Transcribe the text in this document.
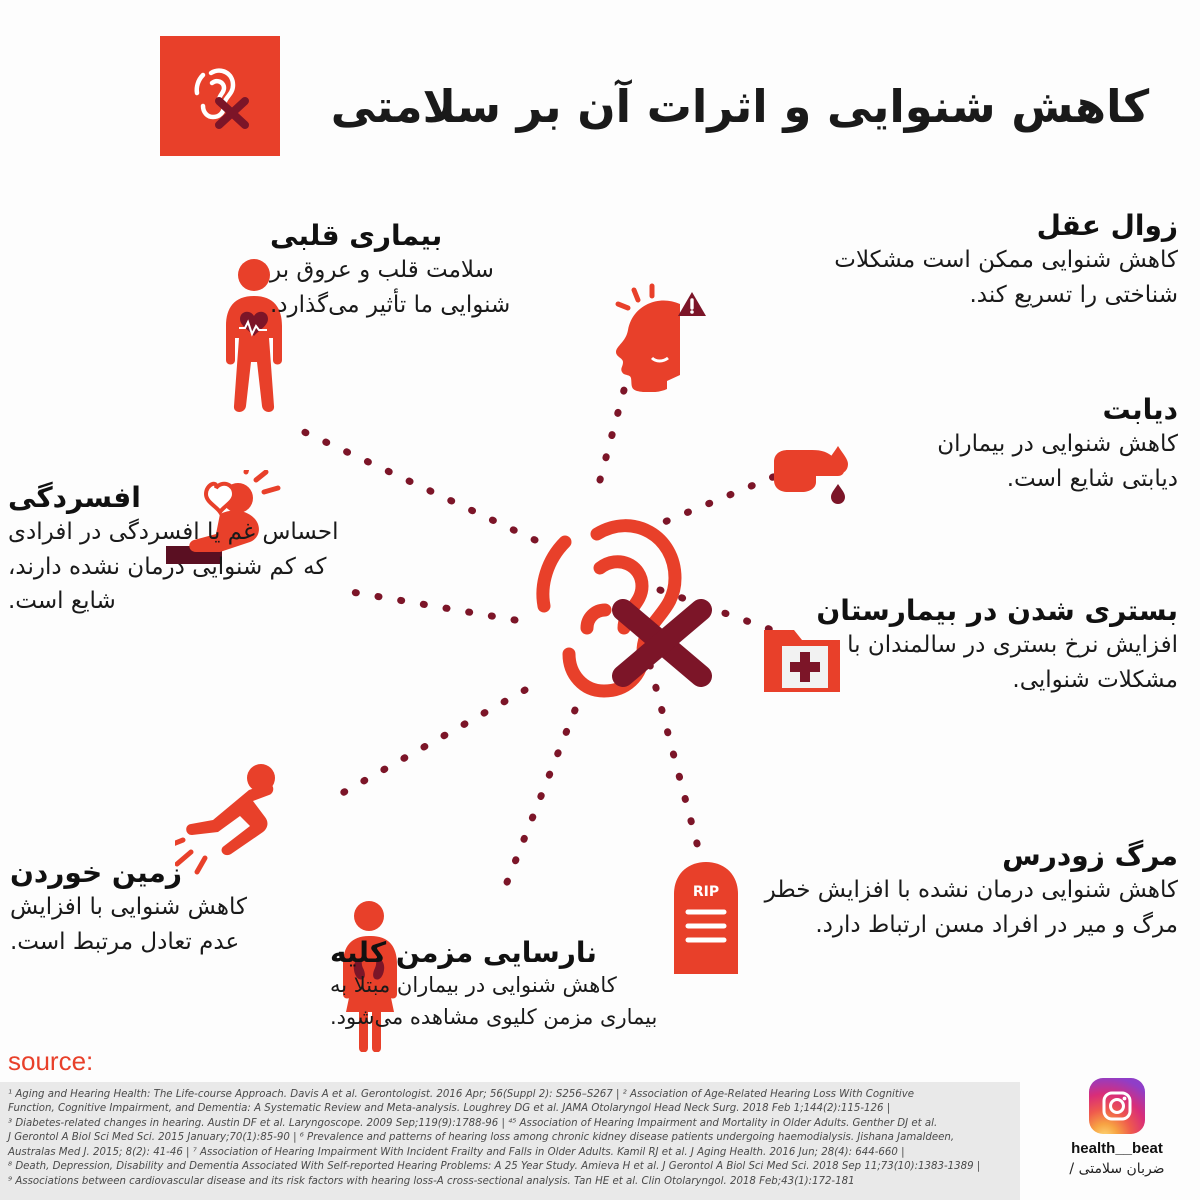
کاهش شنوایی و اثرات آن بر سلامتی
RIP
زوال عقل
کاهش شنوایی ممکن است مشکلات شناختی را تسریع کند.
دیابت
کاهش شنوایی در بیماران دیابتی شایع است.
بستری شدن در بیمارستان
افزایش نرخ بستری در سالمندان با مشکلات شنوایی.
مرگ زودرس
کاهش شنوایی درمان نشده با افزایش خطر مرگ و میر در افراد مسن ارتباط دارد.
بیماری قلبی
سلامت قلب و عروق بر شنوایی ما تأثیر می‌گذارد.
افسردگی
احساس غم یا افسردگی در افرادی که کم شنوایی درمان نشده دارند، شایع است.
زمین خوردن
کاهش شنوایی با افزایش عدم تعادل مرتبط است.	نارسایی مزمن کلیه
کاهش شنوایی در بیماران مبتلا به بیماری مزمن کلیوی مشاهده می‌شود.
source:

¹ Aging and Hearing Health: The Life-course Approach. Davis A et al. Gerontologist. 2016 Apr; 56(Suppl 2): S256–S267 | ² Association of Age-Related Hearing Loss With Cognitive

Function, Cognitive Impairment, and Dementia: A Systematic Review and Meta-analysis. Loughrey DG et al. JAMA Otolaryngol Head Neck Surg. 2018 Feb 1;144(2):115-126 |

³ Diabetes-related changes in hearing. Austin DF et al. Laryngoscope. 2009 Sep;119(9):1788-96 | ⁴⁵ Association of Hearing Impairment and Mortality in Older Adults. Genther DJ et al.

J Gerontol A Biol Sci Med Sci. 2015 January;70(1):85-90 | ⁶ Prevalence and patterns of hearing loss among chronic kidney disease patients undergoing haemodialysis. Jishana Jamaldeen,

Australas Med J. 2015; 8(2): 41-46 | ⁷ Association of Hearing Impairment With Incident Frailty and Falls in Older Adults. Kamil RJ et al. J Aging Health. 2016 Jun; 28(4): 644-660 |

⁸ Death, Depression, Disability and Dementia Associated With Self-reported Hearing Problems: A 25 Year Study. Amieva H et al. J Gerontol A Biol Sci Med Sci. 2018 Sep 11;73(10):1383-1389 |

⁹ Associations between cardiovascular disease and its risk factors with hearing loss-A cross-sectional analysis. Tan HE et al. Clin Otolaryngol. 2018 Feb;43(1):172-181

health__beat
ضربان سلامتی /
